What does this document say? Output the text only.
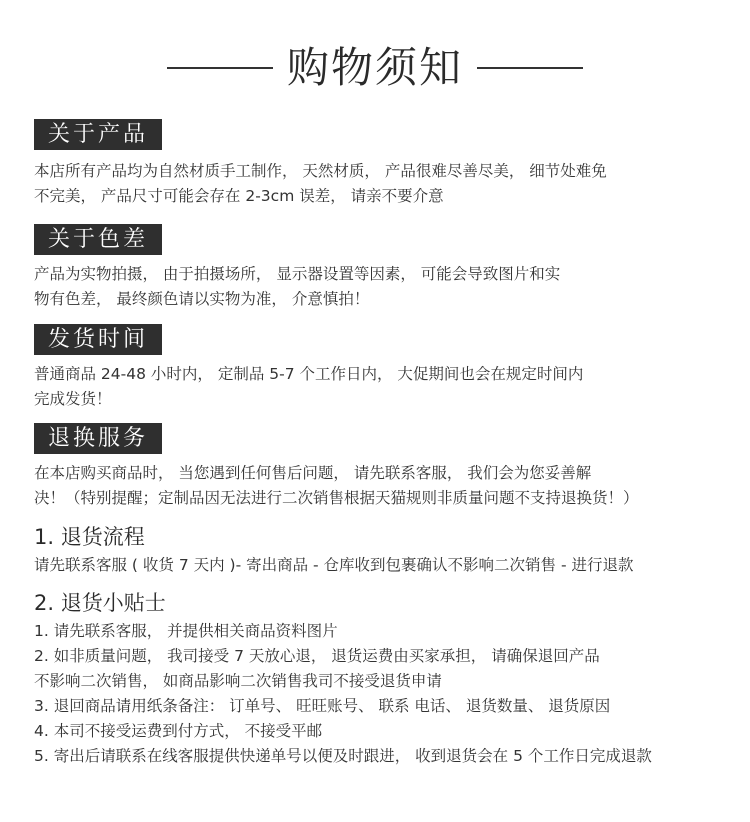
购物须知
关于产品
本店所有产品均为自然材质手工制作， 天然材质， 产品很难尽善尽美， 细节处难免
不完美， 产品尺寸可能会存在 2-3cm 误差， 请亲不要介意
关于色差
产品为实物拍摄， 由于拍摄场所， 显示器设置等因素， 可能会导致图片和实
物有色差， 最终颜色请以实物为准， 介意慎拍！
发货时间
普通商品 24-48 小时内， 定制品 5-7 个工作日内， 大促期间也会在规定时间内
完成发货！
退换服务
在本店购买商品时， 当您遇到任何售后问题， 请先联系客服， 我们会为您妥善解
决！（特别提醒；定制品因无法进行二次销售根据天猫规则非质量问题不支持退换货！）
1. 退货流程
请先联系客服 ( 收货 7 天内 )- 寄出商品 - 仓库收到包裹确认不影响二次销售 - 进行退款
2. 退货小贴士
1. 请先联系客服， 并提供相关商品资料图片
2. 如非质量问题， 我司接受 7 天放心退， 退货运费由买家承担， 请确保退回产品
不影响二次销售， 如商品影响二次销售我司不接受退货申请
3. 退回商品请用纸条备注： 订单号、 旺旺账号、 联系 电话、 退货数量、 退货原因
4. 本司不接受运费到付方式， 不接受平邮
5. 寄出后请联系在线客服提供快递单号以便及时跟进， 收到退货会在 5 个工作日完成退款
